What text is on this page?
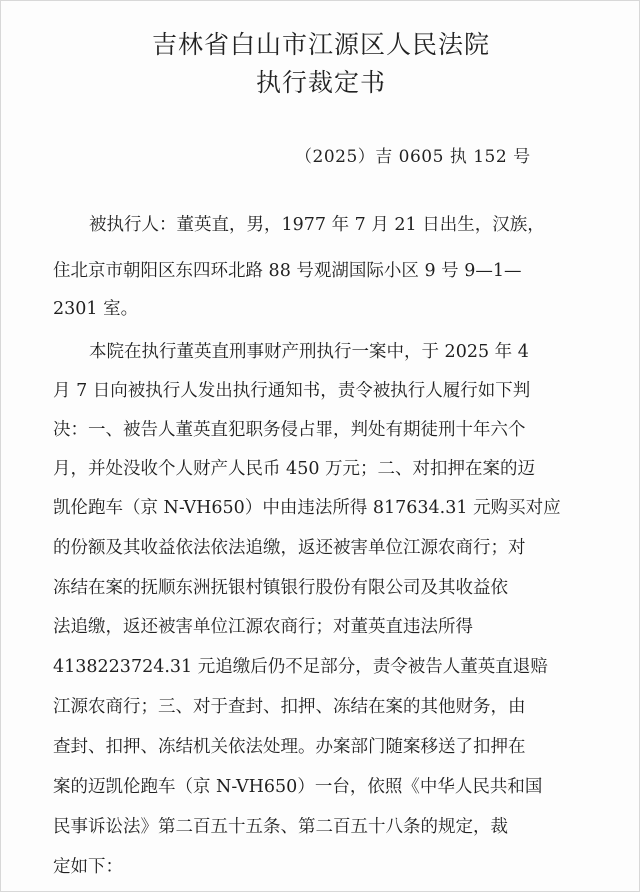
吉林省白山市江源区人民法院
执行裁定书
（2025）吉 0605 执 152 号
被执行人：董英直，男，1977 年 7 月 21 日出生，汉族，
住北京市朝阳区东四环北路 88 号观湖国际小区 9 号 9—1—
2301 室。
本院在执行董英直刑事财产刑执行一案中，于 2025 年 4
月 7 日向被执行人发出执行通知书，责令被执行人履行如下判
决：一、被告人董英直犯职务侵占罪，判处有期徒刑十年六个
月，并处没收个人财产人民币 450 万元；二、对扣押在案的迈
凯伦跑车（京 N-VH650）中由违法所得 817634.31 元购买对应
的份额及其收益依法依法追缴，返还被害单位江源农商行；对
冻结在案的抚顺东洲抚银村镇银行股份有限公司及其收益依
法追缴，返还被害单位江源农商行；对董英直违法所得
4138223724.31 元追缴后仍不足部分，责令被告人董英直退赔
江源农商行；三、对于查封、扣押、冻结在案的其他财务，由
查封、扣押、冻结机关依法处理。办案部门随案移送了扣押在
案的迈凯伦跑车（京 N-VH650）一台，依照《中华人民共和国
民事诉讼法》第二百五十五条、第二百五十八条的规定，裁
定如下：
